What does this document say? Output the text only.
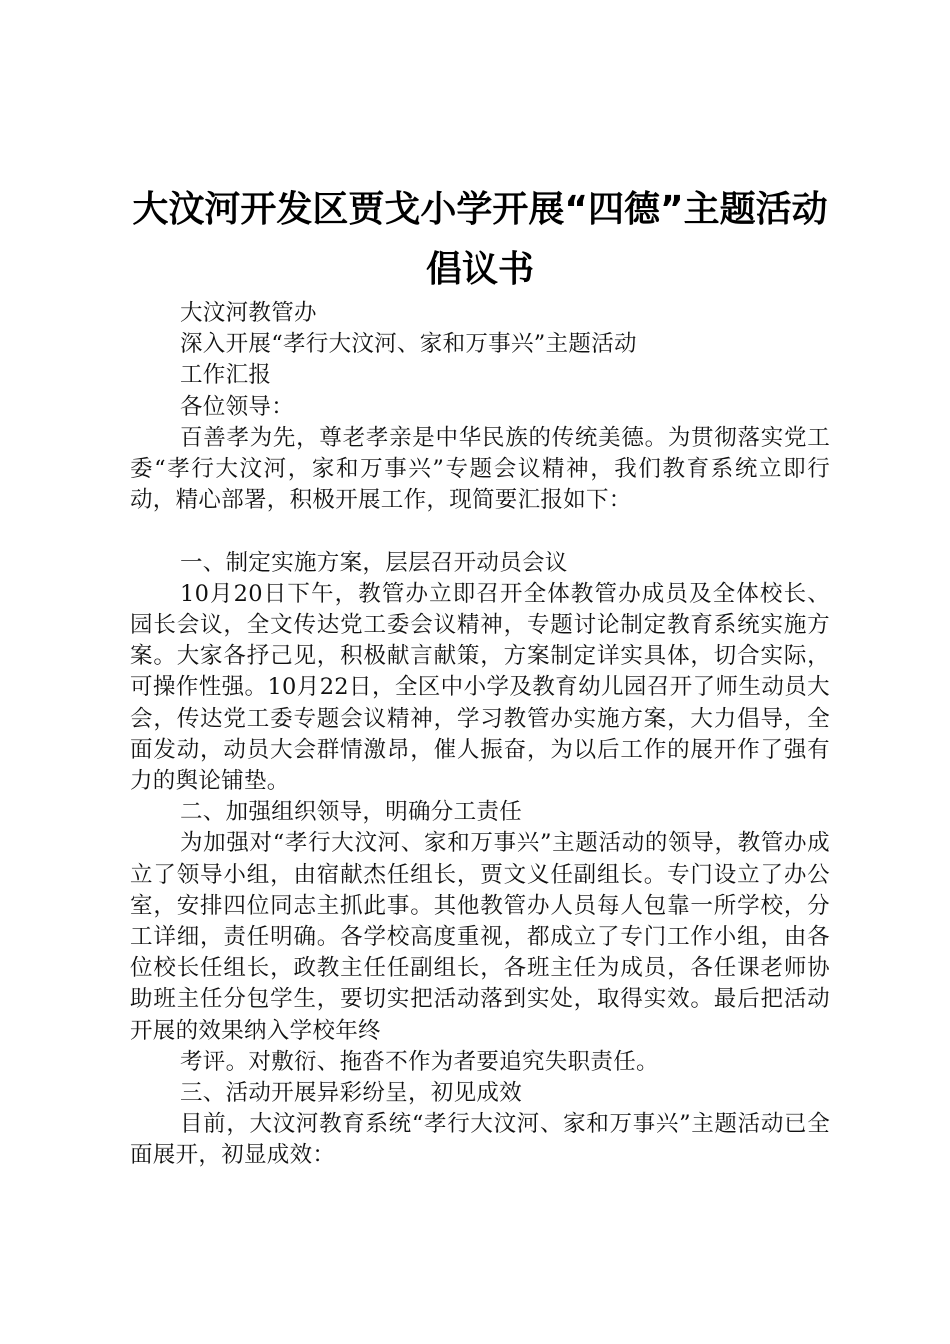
大汶河开发区贾戈小学开展“四德”主题活动
倡议书
大汶河教管办
深入开展“孝行大汶河、家和万事兴”主题活动
工作汇报
各位领导：
百善孝为先，尊老孝亲是中华民族的传统美德。为贯彻落实党工委“孝行大汶河，家和万事兴”专题会议精神，我们教育系统立即行动，精心部署，积极开展工作，现简要汇报如下：
一、制定实施方案，层层召开动员会议
10月20日下午，教管办立即召开全体教管办成员及全体校长、园长会议，全文传达党工委会议精神，专题讨论制定教育系统实施方案。大家各抒己见，积极献言献策，方案制定详实具体，切合实际，可操作性强。10月22日，全区中小学及教育幼儿园召开了师生动员大会，传达党工委专题会议精神，学习教管办实施方案，大力倡导，全面发动，动员大会群情激昂，催人振奋，为以后工作的展开作了强有力的舆论铺垫。
二、加强组织领导，明确分工责任
为加强对“孝行大汶河、家和万事兴”主题活动的领导，教管办成立了领导小组，由宿献杰任组长，贾文义任副组长。专门设立了办公室，安排四位同志主抓此事。其他教管办人员每人包靠一所学校，分工详细，责任明确。各学校高度重视，都成立了专门工作小组，由各位校长任组长，政教主任任副组长，各班主任为成员，各任课老师协助班主任分包学生，要切实把活动落到实处，取得实效。最后把活动开展的效果纳入学校年终
考评。对敷衍、拖沓不作为者要追究失职责任。
三、活动开展异彩纷呈，初见成效
目前，大汶河教育系统“孝行大汶河、家和万事兴”主题活动已全面展开，初显成效：
